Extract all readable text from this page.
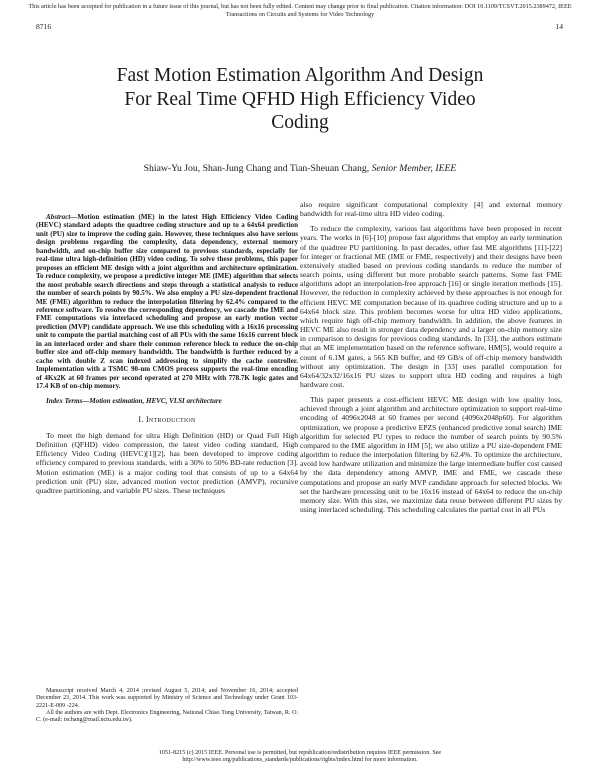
This article has been accepted for publication in a future issue of this journal, but has not been fully edited. Content may change prior to final publication. Citation information: DOI 10.1109/TCSVT.2015.2389472, IEEE Transactions on Circuits and Systems for Video Technology
8716	14
Fast Motion Estimation Algorithm And Design
For Real Time QFHD High Efficiency Video
Coding
Shiaw-Yu Jou, Shan-Jung Chang and Tian-Sheuan Chang, Senior Member, IEEE

Abstract—Motion estimation (ME) in the latest High Efficiency Video Coding (HEVC) standard adopts the quadtree coding structure and up to a 64x64 prediction unit (PU) size to improve the coding gain. However, these techniques also have serious design problems regarding the complexity, data dependency, external memory bandwidth, and on-chip buffer size compared to previous standards, especially for real-time ultra high-definition (HD) video coding. To solve these problems, this paper proposes an efficient ME design with a joint algorithm and architecture optimization. To reduce complexity, we propose a predictive integer ME (IME) algorithm that selects the most probable search directions and steps through a statistical analysis to reduce the number of search points by 90.5%. We also employ a PU size-dependent fractional ME (FME) algorithm to reduce the interpolation filtering by 62.4% compared to the reference software. To resolve the corresponding dependency, we cascade the IME and FME computations via interlaced scheduling and propose an early motion vector prediction (MVP) candidate approach. We use this scheduling with a 16x16 processing unit to compute the partial matching cost of all PUs with the same 16x16 current block in an interlaced order and share their common reference block to reduce the on-chip buffer size and off-chip memory bandwidth. The bandwidth is further reduced by a cache with double Z scan indexed addressing to simplify the cache controller. Implementation with a TSMC 90-nm CMOS process supports the real-time encoding of 4Kx2K at 60 frames per second operated at 270 MHz with 778.7K logic gates and 17.4 KB of on-chip memory.

Index Terms—Motion estimation, HEVC, VLSI architecture

I. Introduction

To meet the high demand for ultra High Definition (HD) or Quad Full High Definition (QFHD) video compression, the latest video coding standard, High Efficiency Video Coding (HEVC)[1][2], has been developed to improve coding efficiency compared to previous standards, with a 30% to 50% BD-rate reduction [3]. Motion estimation (ME) is a major coding tool that consists of up to a 64x64 prediction unit (PU) size, advanced motion vector prediction (AMVP), recursive quadtree partitioning, and variable PU sizes. These techniques

Manuscript received March 4, 2014 ;revised August 5, 2014; and November 16, 2014; accepted December 23, 2014. This work was supported by Ministry of Science and Technology under Grant 103-2221-E-009 -224.

All the authors are with Dept. Electronics Engineering, National Chiao Tung University, Taiwan, R. O. C. (e-mail: tschang@mail.nctu.edu.tw).

also require significant computational complexity [4] and external memory bandwidth for real-time ultra HD video coding.

To reduce the complexity, various fast algorithms have been proposed in recent years. The works in [6]-[10] propose fast algorithms that employ an early termination of the quadtree PU partitioning. In past decades, other fast ME algorithms [11]-[22] for integer or fractional ME (IME or FME, respectively) and their designs have been extensively studied based on previous coding standards to reduce the number of search points, using different but more probable search patterns. Some fast FME algorithms adopt an interpolation-free approach [16] or single iteration methods [15]. However, the reduction in complexity achieved by these approaches is not enough for efficient HEVC ME computation because of its quadtree coding structure and up to a 64x64 block size. This problem becomes worse for ultra HD video applications, which require high off-chip memory bandwidth. In addition, the above features in HEVC ME also result in stronger data dependency and a larger on-chip memory size in comparison to designs for previous coding standards. In [33], the authors estimate that an ME implementation based on the reference software, HM[5], would require a count of 6.1M gates, a 565 KB buffer, and 69 GB/s of off-chip memory bandwidth without any optimization. The design in [33] uses parallel computation for 64x64/32x32/16x16 PU sizes to support ultra HD coding and requires a high hardware cost.

This paper presents a cost-efficient HEVC ME design with low quality loss, achieved through a joint algorithm and architecture optimization to support real-time encoding of 4096x2048 at 60 frames per second (4096x2048p60). For algorithm optimization, we propose a predictive EPZS (enhanced predictive zonal search) IME algorithm for selected PU types to reduce the number of search points by 90.5% compared to the IME algorithm in HM [5]; we also utilize a PU size-dependent FME algorithm to reduce the interpolation filtering by 62.4%. To optimize the architecture, avoid low hardware utilization and minimize the large intermediate buffer cost caused by the data dependency among AMVP, IME and FME, we cascade these computations and propose an early MVP candidate approach for selected blocks. We set the hardware processing unit to be 16x16 instead of 64x64 to reduce the on-chip memory size. With this size, we maximize data reuse between different PU sizes by using interlaced scheduling. This scheduling calculates the partial cost in all PUs

1051-8215 (c) 2015 IEEE. Personal use is permitted, but republication/redistribution requires IEEE permission. See http://www.ieee.org/publications_standards/publications/rights/index.html for more information.
